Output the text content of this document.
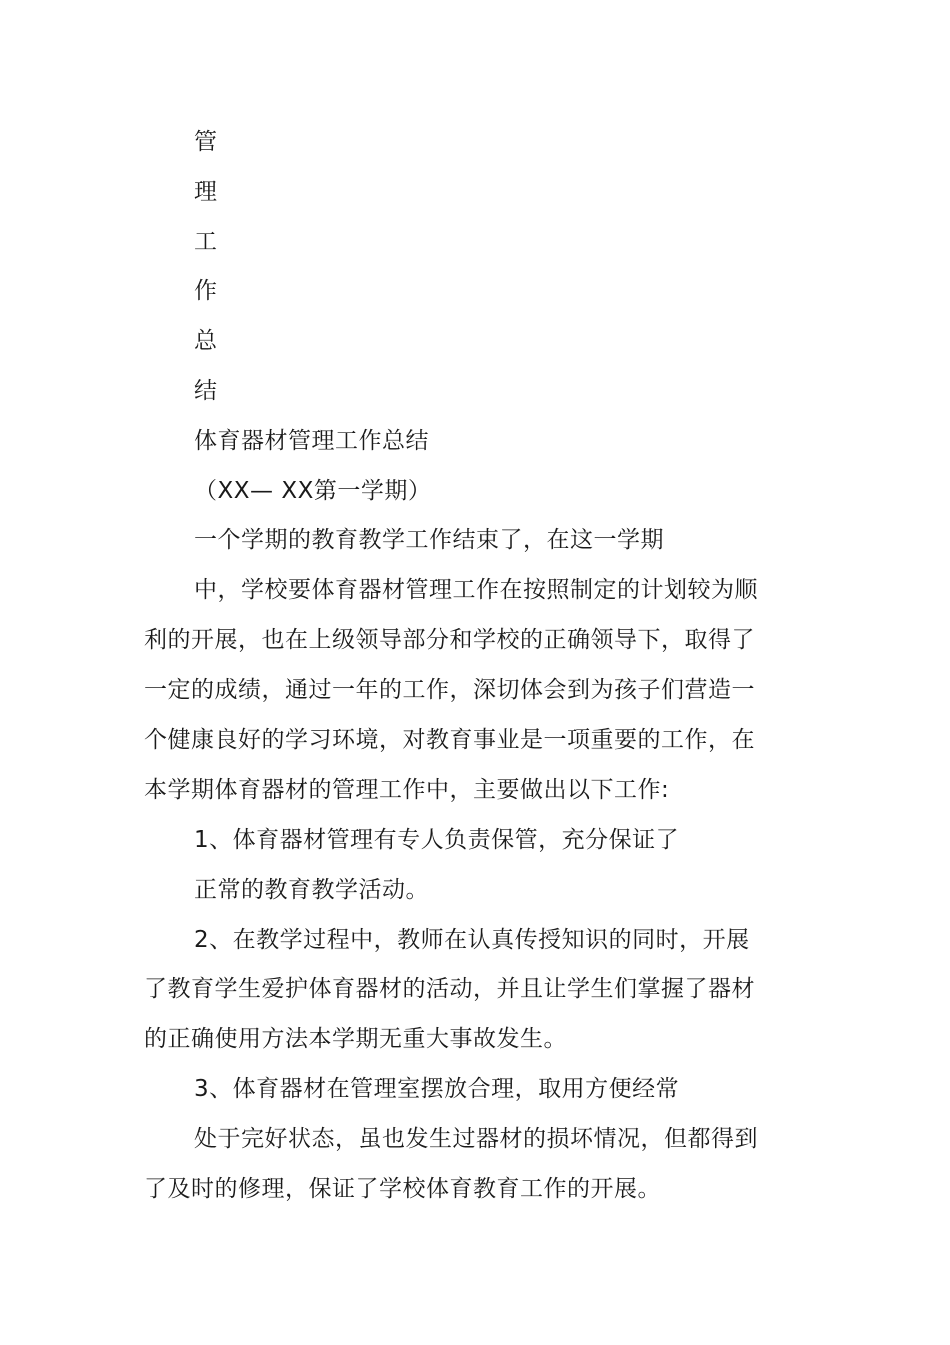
管
理
工
作
总
结
体育器材管理工作总结
（XX— XX第一学期）
一个学期的教育教学工作结束了，在这一学期
中，学校要体育器材管理工作在按照制定的计划较为顺
利的开展，也在上级领导部分和学校的正确领导下，取得了
一定的成绩，通过一年的工作，深切体会到为孩子们营造一
个健康良好的学习环境，对教育事业是一项重要的工作，在
本学期体育器材的管理工作中，主要做出以下工作:
1、体育器材管理有专人负责保管，充分保证了
正常的教育教学活动。
2、在教学过程中，教师在认真传授知识的同时，开展
了教育学生爱护体育器材的活动，并且让学生们掌握了器材
的正确使用方法本学期无重大事故发生。
3、体育器材在管理室摆放合理，取用方便经常
处于完好状态，虽也发生过器材的损坏情况，但都得到
了及时的修理，保证了学校体育教育工作的开展。
